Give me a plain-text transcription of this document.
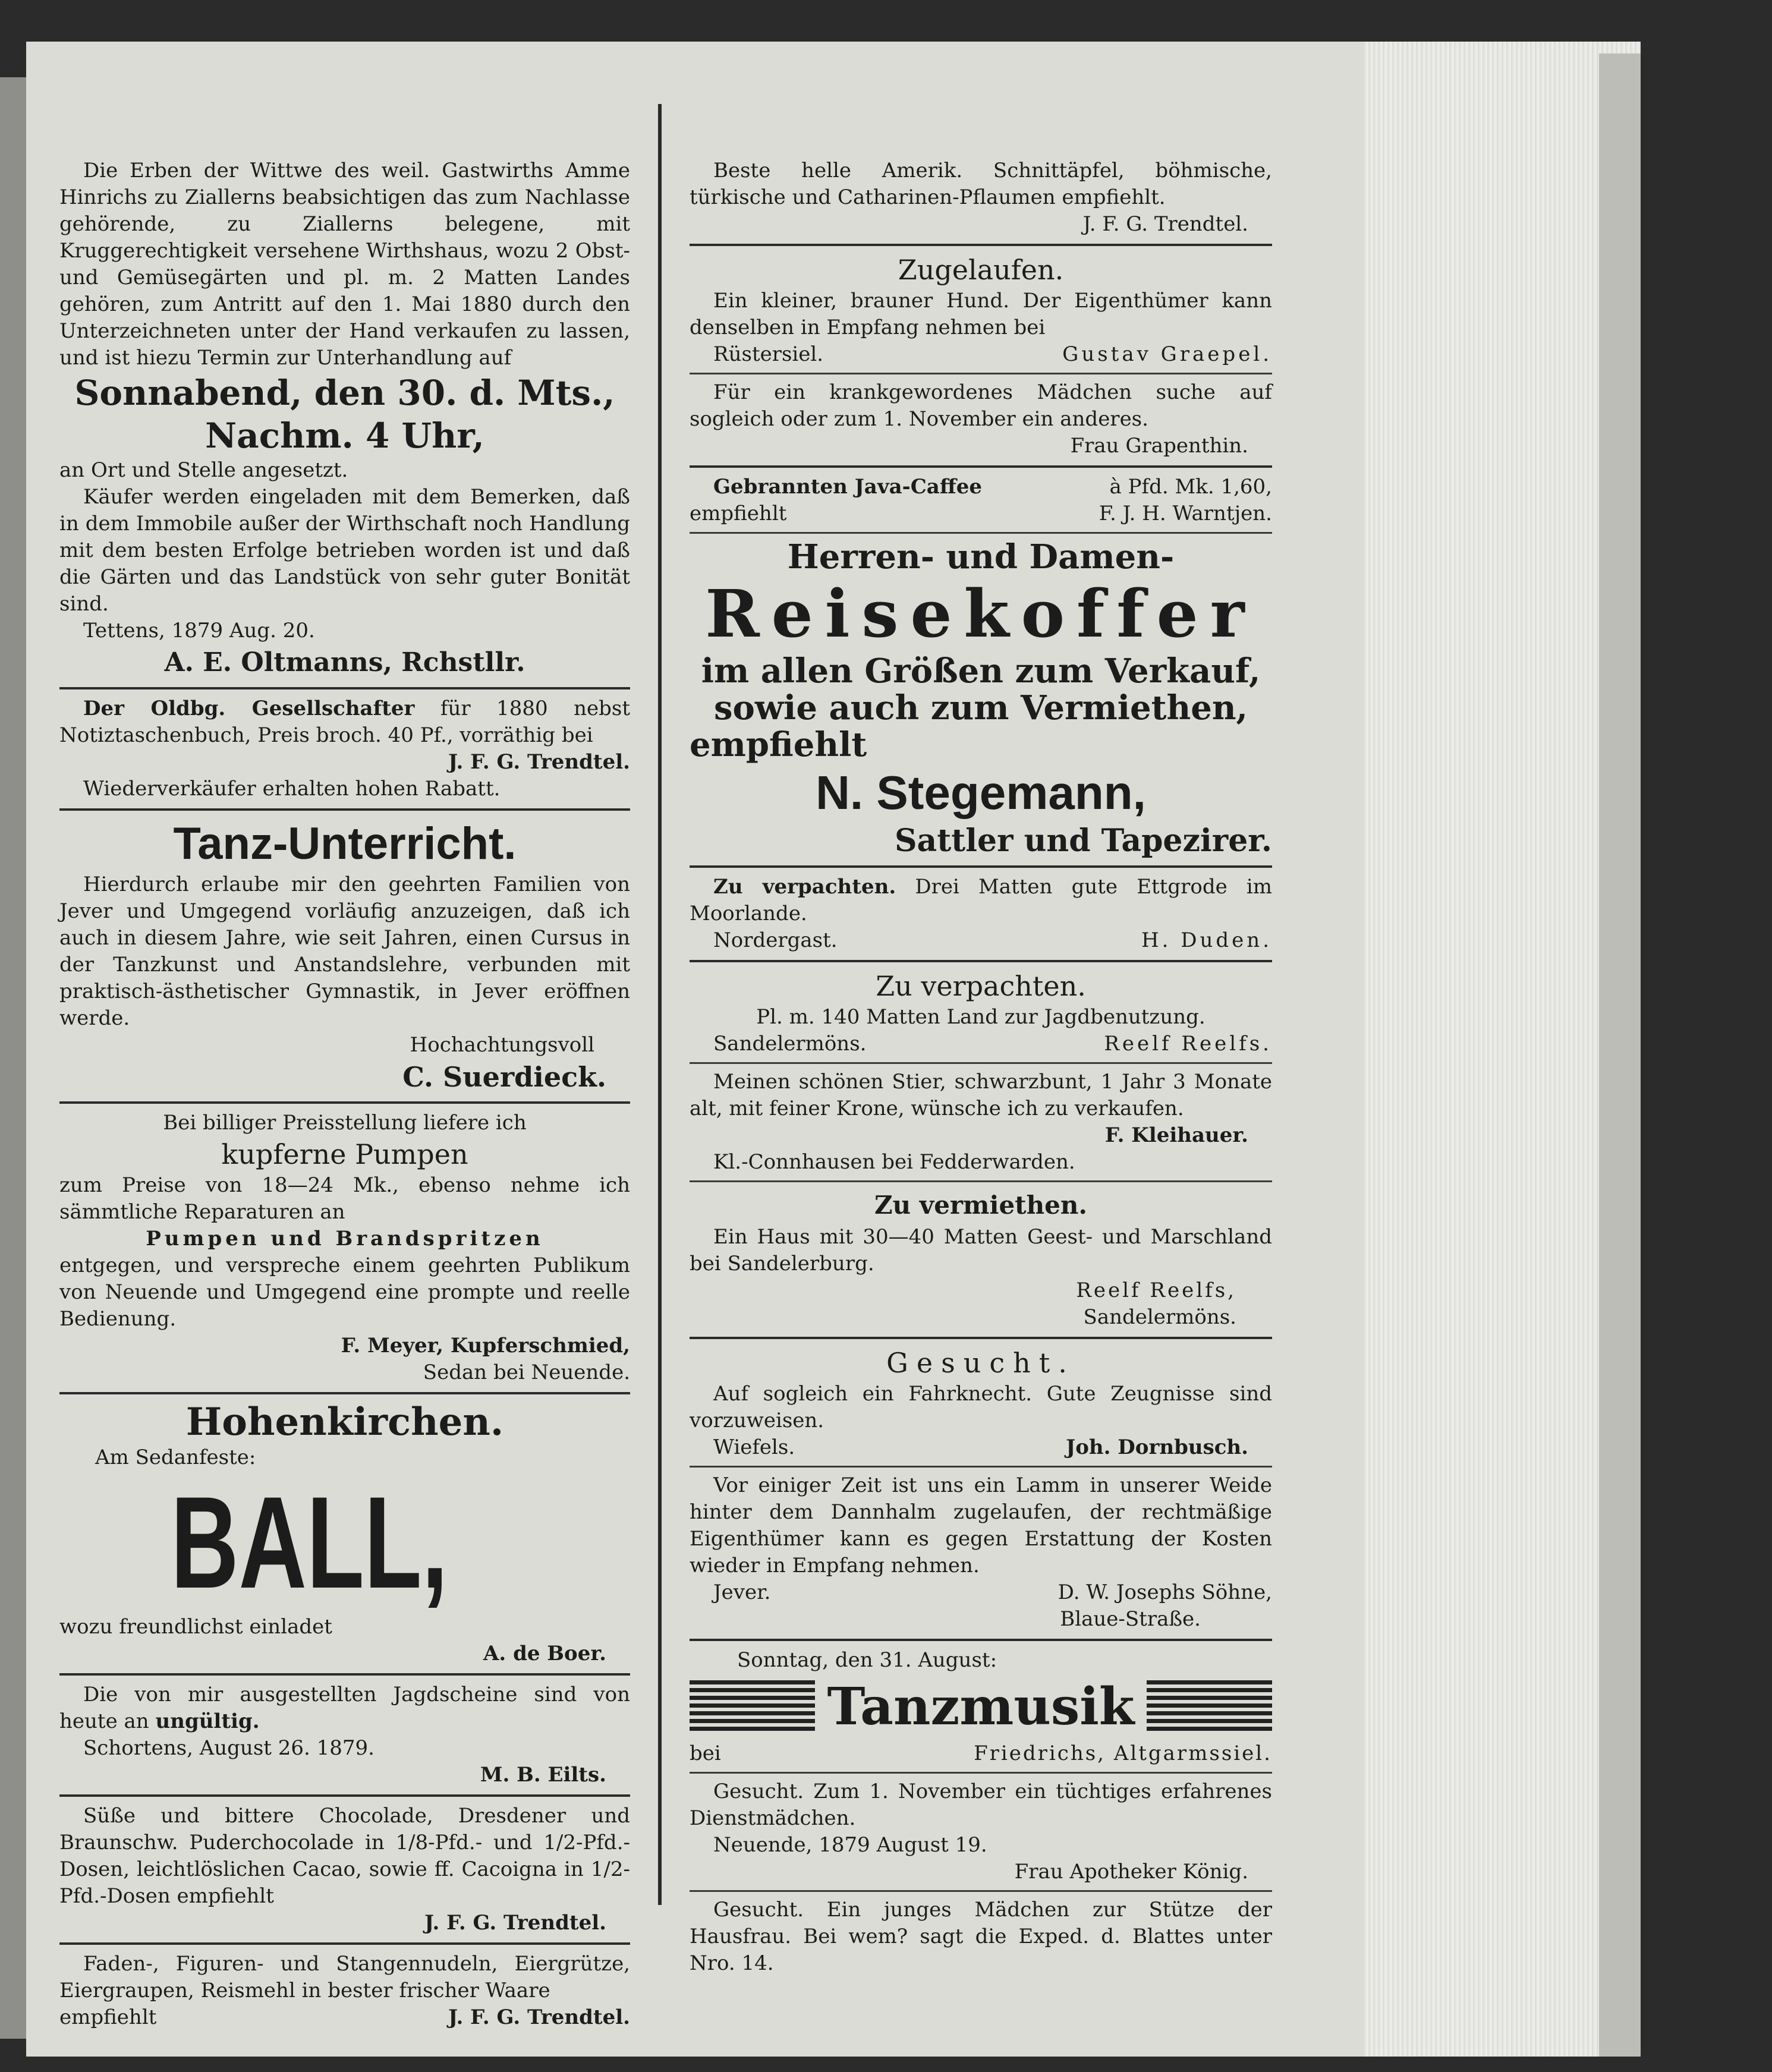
Die Erben der Wittwe des weil. Gastwirths Amme Hinrichs zu Ziallerns beabsichtigen das zum Nachlasse gehörende, zu Ziallerns belegene, mit Kruggerechtigkeit versehene Wirthshaus, wozu 2 Obst- und Gemüsegärten und pl. m. 2 Matten Landes gehören, zum Antritt auf den 1. Mai 1880 durch den Unterzeichneten unter der Hand verkaufen zu lassen, und ist hiezu Termin zur Unterhandlung auf

Sonnabend, den 30. d. Mts.,
Nachm. 4 Uhr,

an Ort und Stelle angesetzt.

Käufer werden eingeladen mit dem Bemerken, daß in dem Immobile außer der Wirthschaft noch Handlung mit dem besten Erfolge betrieben worden ist und daß die Gärten und das Landstück von sehr guter Bonität sind.

Tettens, 1879 Aug. 20.

A. E. Oltmanns, Rchstllr.

Der Oldbg. Gesellschafter für 1880 nebst Notiztaschenbuch, Preis broch. 40 Pf., vorräthig bei

J. F. G. Trendtel.

Wiederverkäufer erhalten hohen Rabatt.

Tanz-Unterricht.

Hierdurch erlaube mir den geehrten Familien von Jever und Umgegend vorläufig anzuzeigen, daß ich auch in diesem Jahre, wie seit Jahren, einen Cursus in der Tanzkunst und Anstandslehre, verbunden mit praktisch-ästhetischer Gymnastik, in Jever eröffnen werde.

Hochachtungsvoll

C. Suerdieck.

Bei billiger Preisstellung liefere ich

kupferne Pumpen

zum Preise von 18—24 Mk., ebenso nehme ich sämmtliche Reparaturen an

Pumpen und Brandspritzen

entgegen, und verspreche einem geehrten Publikum von Neuende und Umgegend eine prompte und reelle Bedienung.

F. Meyer, Kupferschmied,

Sedan bei Neuende.

Hohenkirchen.

Am Sedanfeste:

BALL,

wozu freundlichst einladet

A. de Boer.

Die von mir ausgestellten Jagdscheine sind von heute an ungültig.

Schortens, August 26. 1879.

M. B. Eilts.

Süße und bittere Chocolade, Dresdener und Braunschw. Puderchocolade in 1/8-Pfd.- und 1/2-Pfd.-Dosen, leichtlöslichen Cacao, sowie ff. Cacoigna in 1/2-Pfd.-Dosen empfiehlt

J. F. G. Trendtel.

Faden-, Figuren- und Stangennudeln, Eiergrütze, Eiergraupen, Reismehl in bester frischer Waare

empfiehlt	J. F. G. Trendtel.

Beste helle Amerik. Schnittäpfel, böhmische, türkische und Catharinen-Pflaumen empfiehlt.

J. F. G. Trendtel.

Zugelaufen.

Ein kleiner, brauner Hund. Der Eigenthümer kann denselben in Empfang nehmen bei

Rüstersiel.	Gustav Graepel.

Für ein krankgewordenes Mädchen suche auf sogleich oder zum 1. November ein anderes.

Frau Grapenthin.

Gebrannten Java-Caffee	à Pfd. Mk. 1,60,
empfiehlt	F. J. H. Warntjen.
Herren- und Damen-
Reisekoffer
im allen Größen zum Verkauf,
sowie auch zum Vermiethen,
empfiehlt
N. Stegemann,
Sattler und Tapezirer.

Zu verpachten. Drei Matten gute Ettgrode im Moorlande.

Nordergast.	H. Duden.
Zu verpachten.

Pl. m. 140 Matten Land zur Jagdbenutzung.

Sandelermöns.	Reelf Reelfs.

Meinen schönen Stier, schwarzbunt, 1 Jahr 3 Monate alt, mit feiner Krone, wünsche ich zu verkaufen.

F. Kleihauer.

Kl.-Connhausen bei Fedderwarden.

Zu vermiethen.

Ein Haus mit 30—40 Matten Geest- und Marschland bei Sandelerburg.

Reelf Reelfs,

Sandelermöns.

Gesucht.

Auf sogleich ein Fahrknecht. Gute Zeugnisse sind vorzuweisen.

Wiefels.	Joh. Dornbusch.

Vor einiger Zeit ist uns ein Lamm in unserer Weide hinter dem Dannhalm zugelaufen, der rechtmäßige Eigenthümer kann es gegen Erstattung der Kosten wieder in Empfang nehmen.

Jever.	D. W. Josephs Söhne,

Blaue-Straße.

Sonntag, den 31. August:

Tanzmusik
bei	Friedrichs, Altgarmssiel.

Gesucht. Zum 1. November ein tüchtiges erfahrenes Dienstmädchen.

Neuende, 1879 August 19.

Frau Apotheker König.

Gesucht. Ein junges Mädchen zur Stütze der Hausfrau. Bei wem? sagt die Exped. d. Blattes unter Nro. 14.
